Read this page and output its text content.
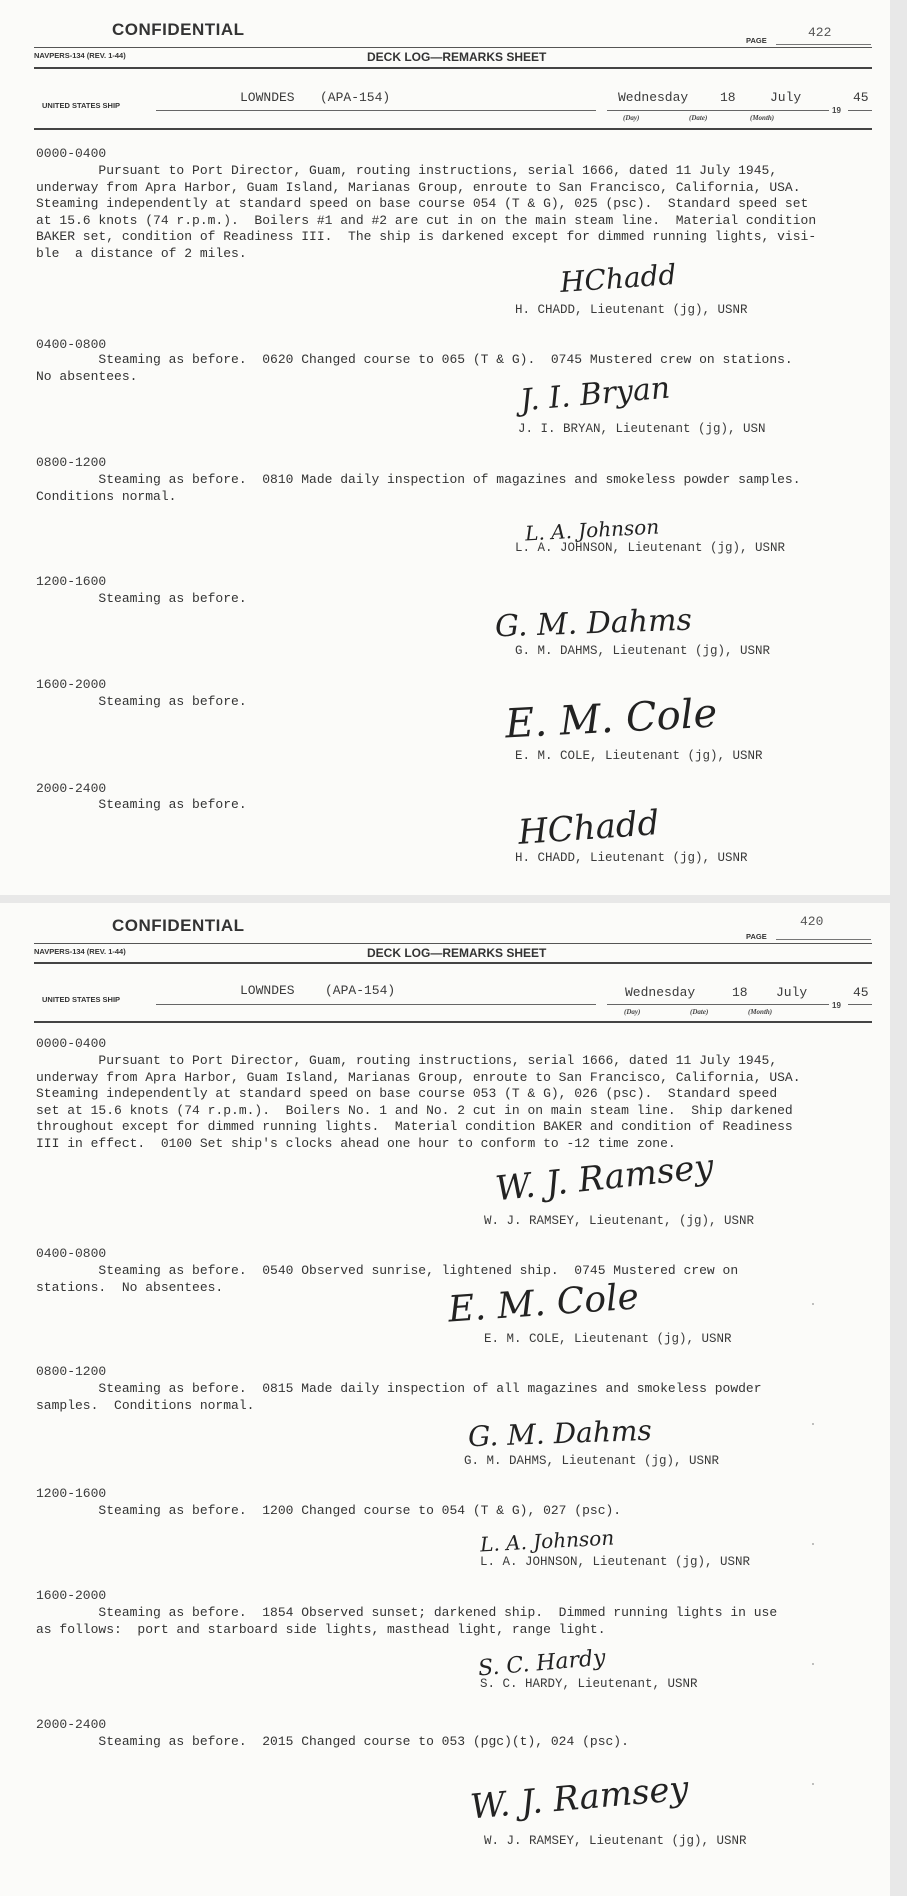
CONFIDENTIAL
PAGE
422
NAVPERS-134 (REV. 1-44)	DECK LOG—REMARKS SHEET
UNITED STATES SHIP
LOWNDES (APA-154)	Wednesday 18	July
19
45
(Day)	(Date)	(Month)
0000-0400
Pursuant to Port Director, Guam, routing instructions, serial 1666, dated 11 July 1945,
underway from Apra Harbor, Guam Island, Marianas Group, enroute to San Francisco, California, USA.
Steaming independently at standard speed on base course 054 (T & G), 025 (psc).  Standard speed set
at 15.6 knots (74 r.p.m.).  Boilers #1 and #2 are cut in on the main steam line.  Material condition
BAKER set, condition of Readiness III.  The ship is darkened except for dimmed running lights, visi-
ble  a distance of 2 miles.
HChadd
H. CHADD, Lieutenant (jg), USNR
0400-0800
Steaming as before.  0620 Changed course to 065 (T & G).  0745 Mustered crew on stations.
No absentees.	J. I. Bryan
J. I. BRYAN, Lieutenant (jg), USN
0800-1200
Steaming as before.  0810 Made daily inspection of magazines and smokeless powder samples.
Conditions normal.
L. A. Johnson
L. A. JOHNSON, Lieutenant (jg), USNR
1200-1600
Steaming as before.
G. M. Dahms
G. M. DAHMS, Lieutenant (jg), USNR
1600-2000
Steaming as before.	E. M. Cole
E. M. COLE, Lieutenant (jg), USNR
2000-2400
Steaming as before.	HChadd
H. CHADD, Lieutenant (jg), USNR
CONFIDENTIAL	420
PAGE
NAVPERS-134 (REV. 1-44)	DECK LOG—REMARKS SHEET
UNITED STATES SHIP
LOWNDES (APA-154)	Wednesday	18 July
19
45
(Day)	(Date)	(Month)
0000-0400
Pursuant to Port Director, Guam, routing instructions, serial 1666, dated 11 July 1945,
underway from Apra Harbor, Guam Island, Marianas Group, enroute to San Francisco, California, USA.
Steaming independently at standard speed on base course 053 (T & G), 026 (psc).  Standard speed
set at 15.6 knots (74 r.p.m.).  Boilers No. 1 and No. 2 cut in on main steam line.  Ship darkened
throughout except for dimmed running lights.  Material condition BAKER and condition of Readiness
III in effect.  0100 Set ship's clocks ahead one hour to conform to -12 time zone.
W. J. Ramsey
W. J. RAMSEY, Lieutenant, (jg), USNR
0400-0800
Steaming as before.  0540 Observed sunrise, lightened ship.  0745 Mustered crew on
stations.  No absentees.	E. M. Cole
E. M. COLE, Lieutenant (jg), USNR
0800-1200
Steaming as before.  0815 Made daily inspection of all magazines and smokeless powder
samples.  Conditions normal.
G. M. Dahms
G. M. DAHMS, Lieutenant (jg), USNR
1200-1600
Steaming as before.  1200 Changed course to 054 (T & G), 027 (psc).
L. A. Johnson
L. A. JOHNSON, Lieutenant (jg), USNR
1600-2000
Steaming as before.  1854 Observed sunset; darkened ship.  Dimmed running lights in use
as follows:  port and starboard side lights, masthead light, range light.
S. C. Hardy
S. C. HARDY, Lieutenant, USNR
2000-2400
Steaming as before.  2015 Changed course to 053 (pgc)(t), 024 (psc).
W. J. Ramsey
W. J. RAMSEY, Lieutenant (jg), USNR
